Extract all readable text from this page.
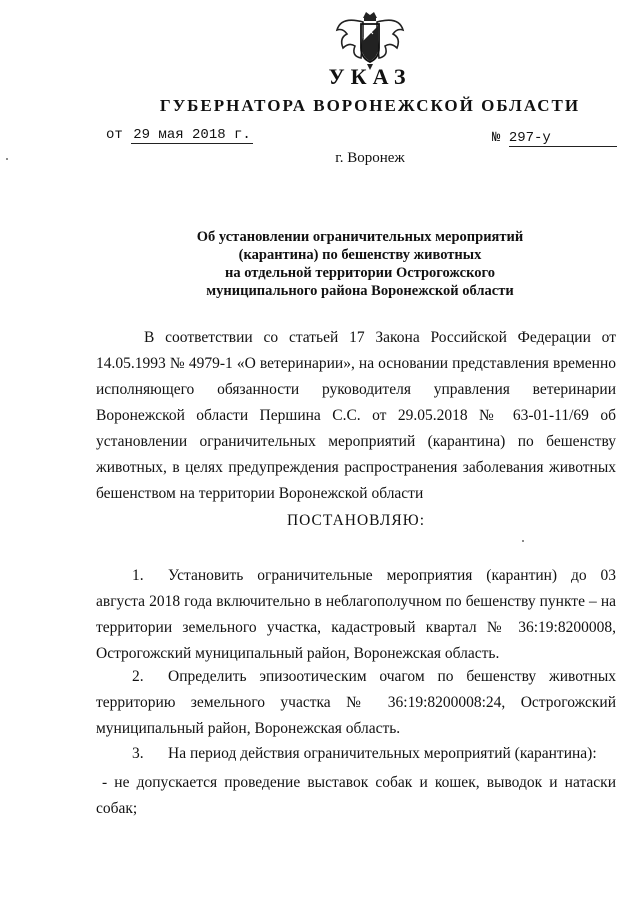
УКАЗ
ГУБЕРНАТОРА ВОРОНЕЖСКОЙ ОБЛАСТИ
от 29 мая 2018 г.	№ 297-у
г. Воронеж
Об установлении ограничительных мероприятий
(карантина) по бешенству животных
на отдельной территории Острогожского
муниципального района Воронежской области
В соответствии со статьей 17 Закона Российской Федерации от 14.05.1993 № 4979-1 «О ветеринарии», на основании представления временно исполняющего обязанности руководителя управления ветеринарии Воронежской области Першина С.С. от 29.05.2018 № 63-01-11/69 об установлении ограничительных мероприятий (карантина) по бешенству животных, в целях предупреждения распространения заболевания животных бешенством на территории Воронежской области
ПОСТАНОВЛЯЮ:
1. Установить ограничительные мероприятия (карантин) до 03 августа 2018 года включительно в неблагополучном по бешенству пункте – на территории земельного участка, кадастровый квартал № 36:19:8200008, Острогожский муниципальный район, Воронежская область.
2. Определить эпизоотическим очагом по бешенству животных территорию земельного участка № 36:19:8200008:24, Острогожский муниципальный район, Воронежская область.
3. На период действия ограничительных мероприятий (карантина):
- не допускается проведение выставок собак и кошек, выводок и натаски собак;
